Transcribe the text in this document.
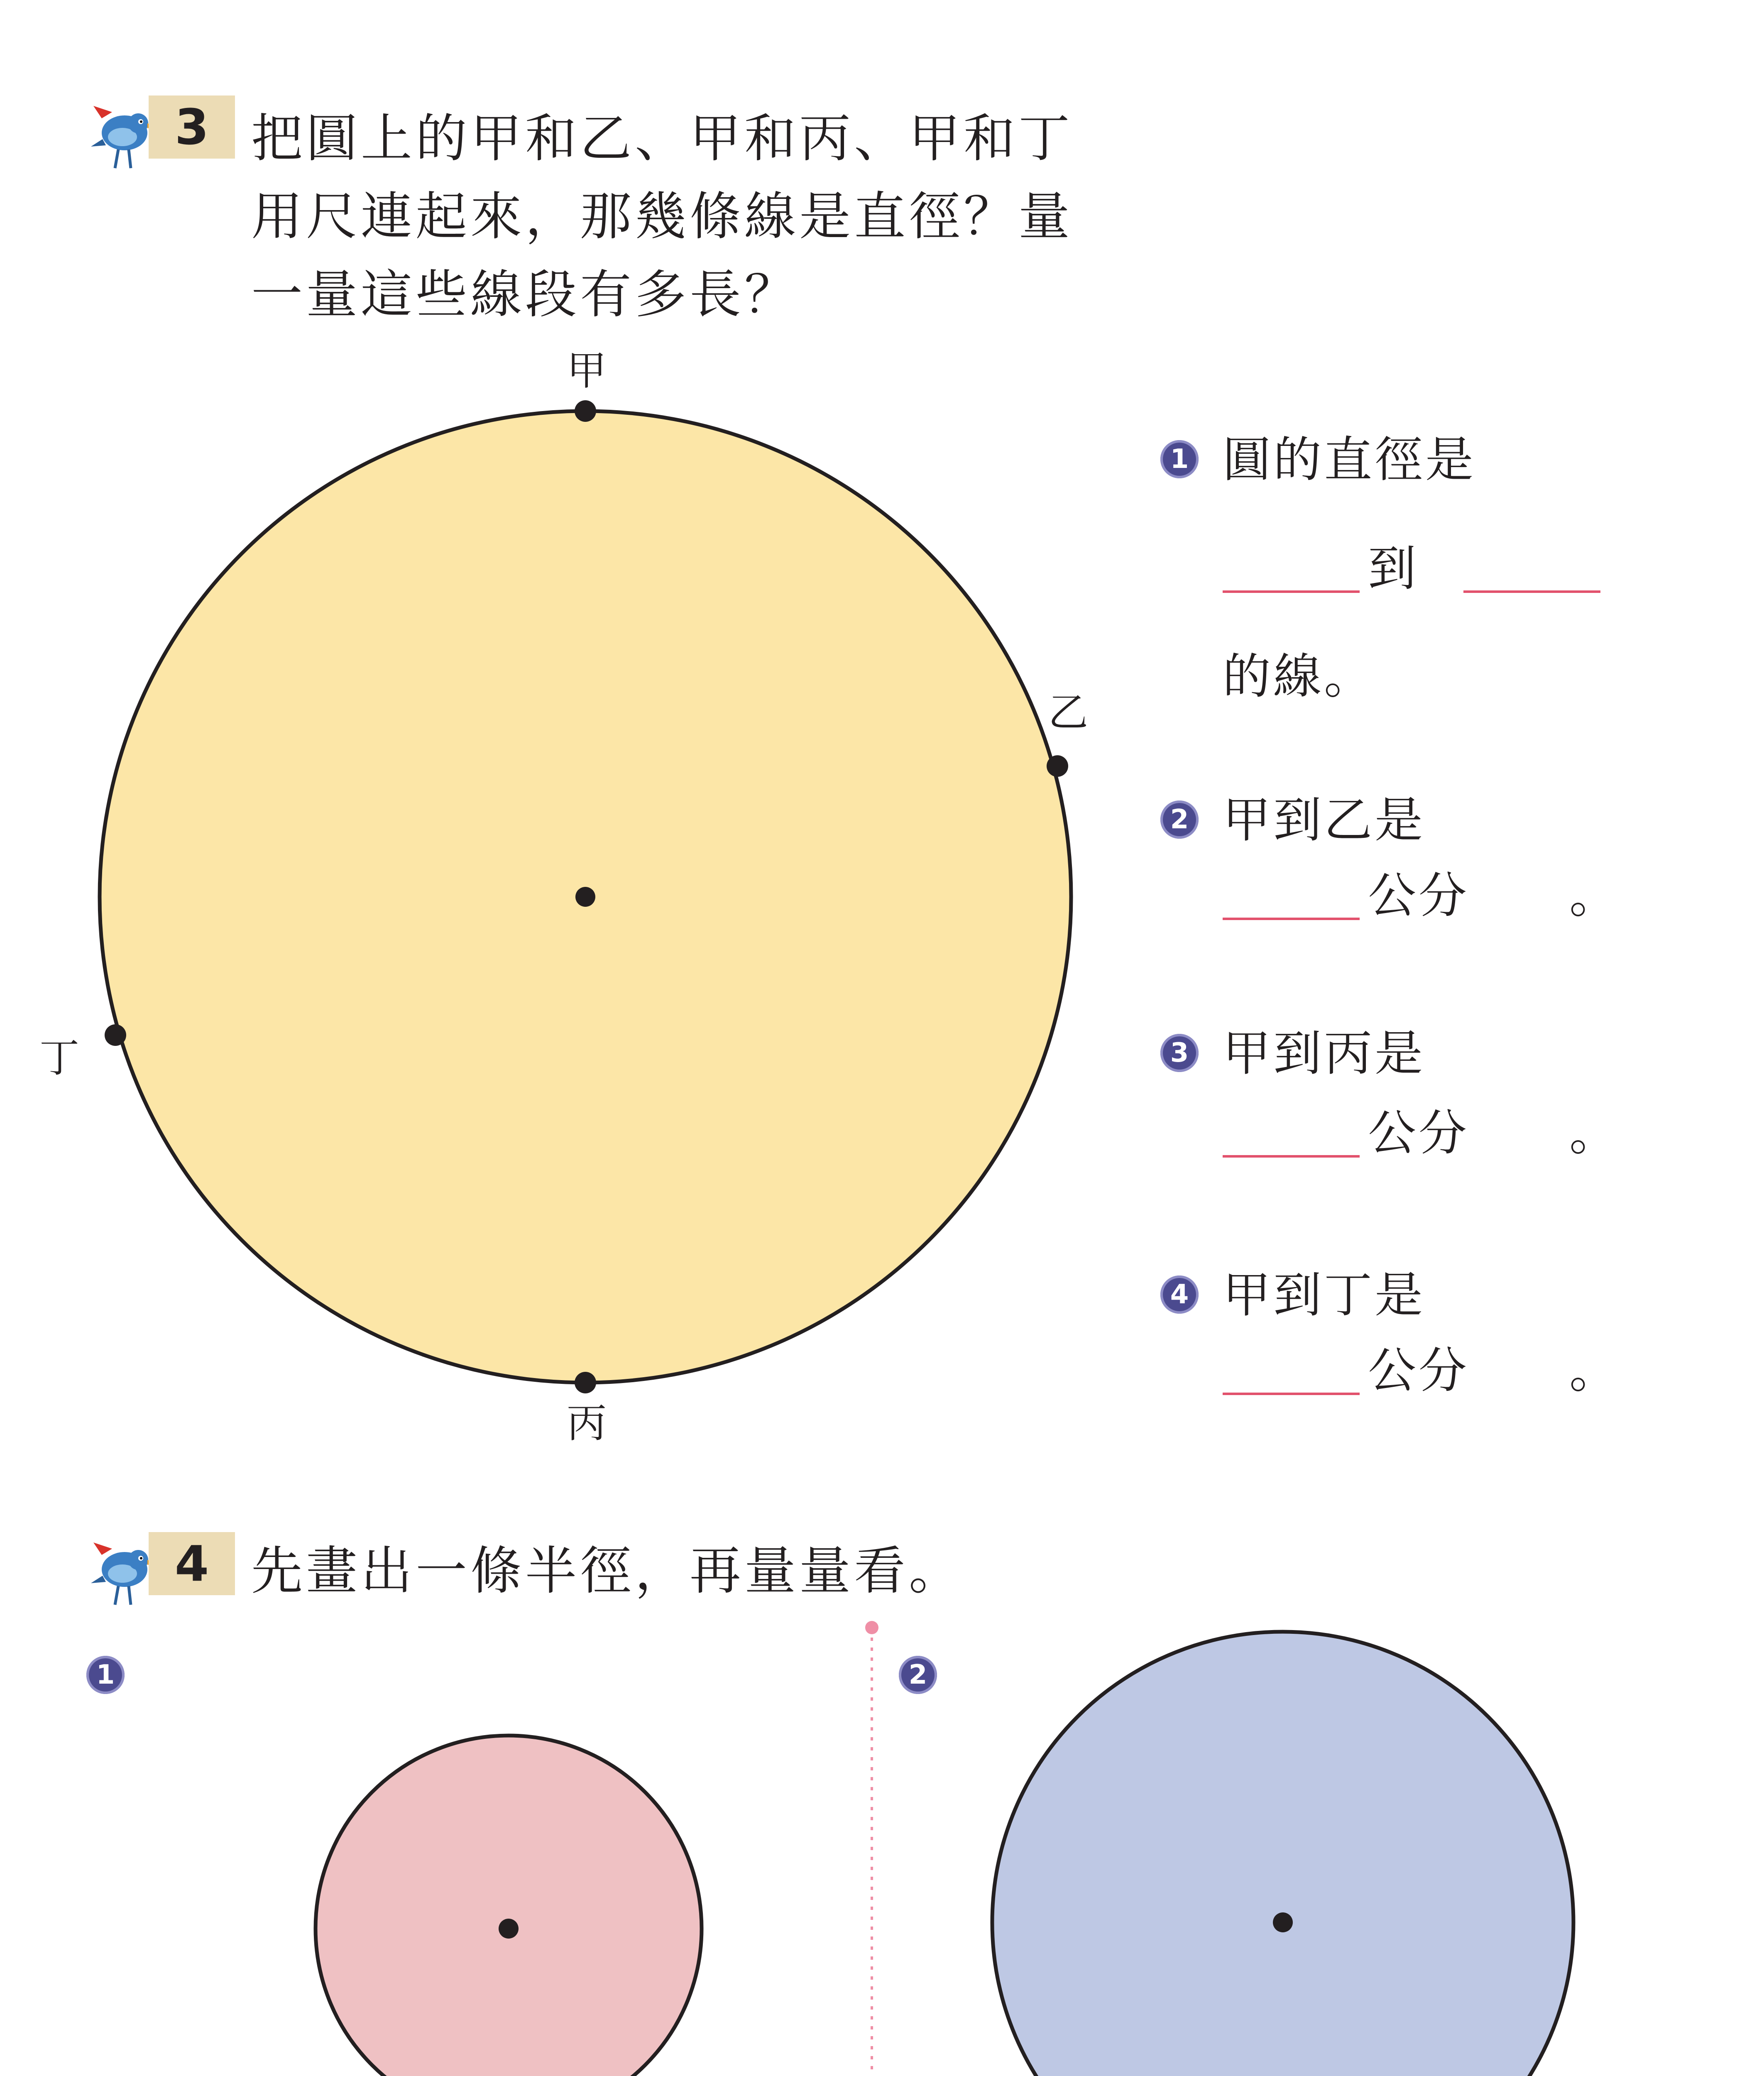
3 把圓上的甲和乙、甲和丙、甲和丁
用尺連起來，那幾條線是直徑？量
一量這些線段有多長？
甲
乙
丙
丁
1 圓的直徑是
到
的線。
2 甲到乙是
公分 。
3 甲到丙是
公分 。
4 甲到丁是
公分 。
4 先畫出一條半徑，再量量看。
1	2
